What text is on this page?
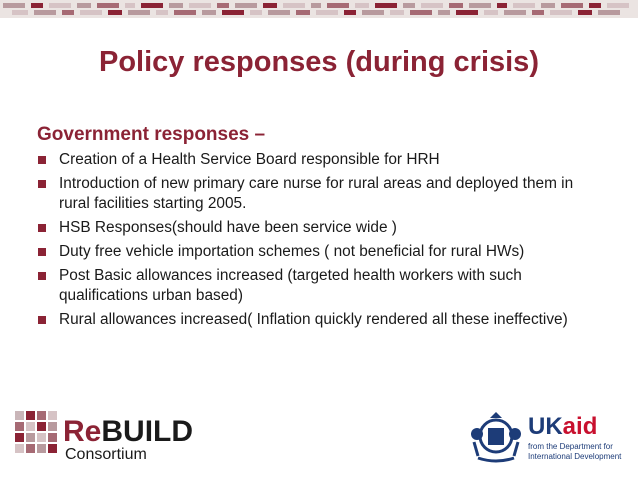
Policy responses (during crisis)
Government responses –
Creation of a Health Service Board responsible for HRH
Introduction of new primary care nurse for rural areas and deployed them in rural facilities starting 2005.
HSB Responses(should have been service wide )
Duty free vehicle importation schemes ( not beneficial for rural HWs)
Post Basic allowances increased (targeted health workers with such qualifications urban based)
Rural allowances increased( Inflation quickly rendered all these ineffective)
ReBUILD
Consortium
UKaid
from the Department for
International Development
